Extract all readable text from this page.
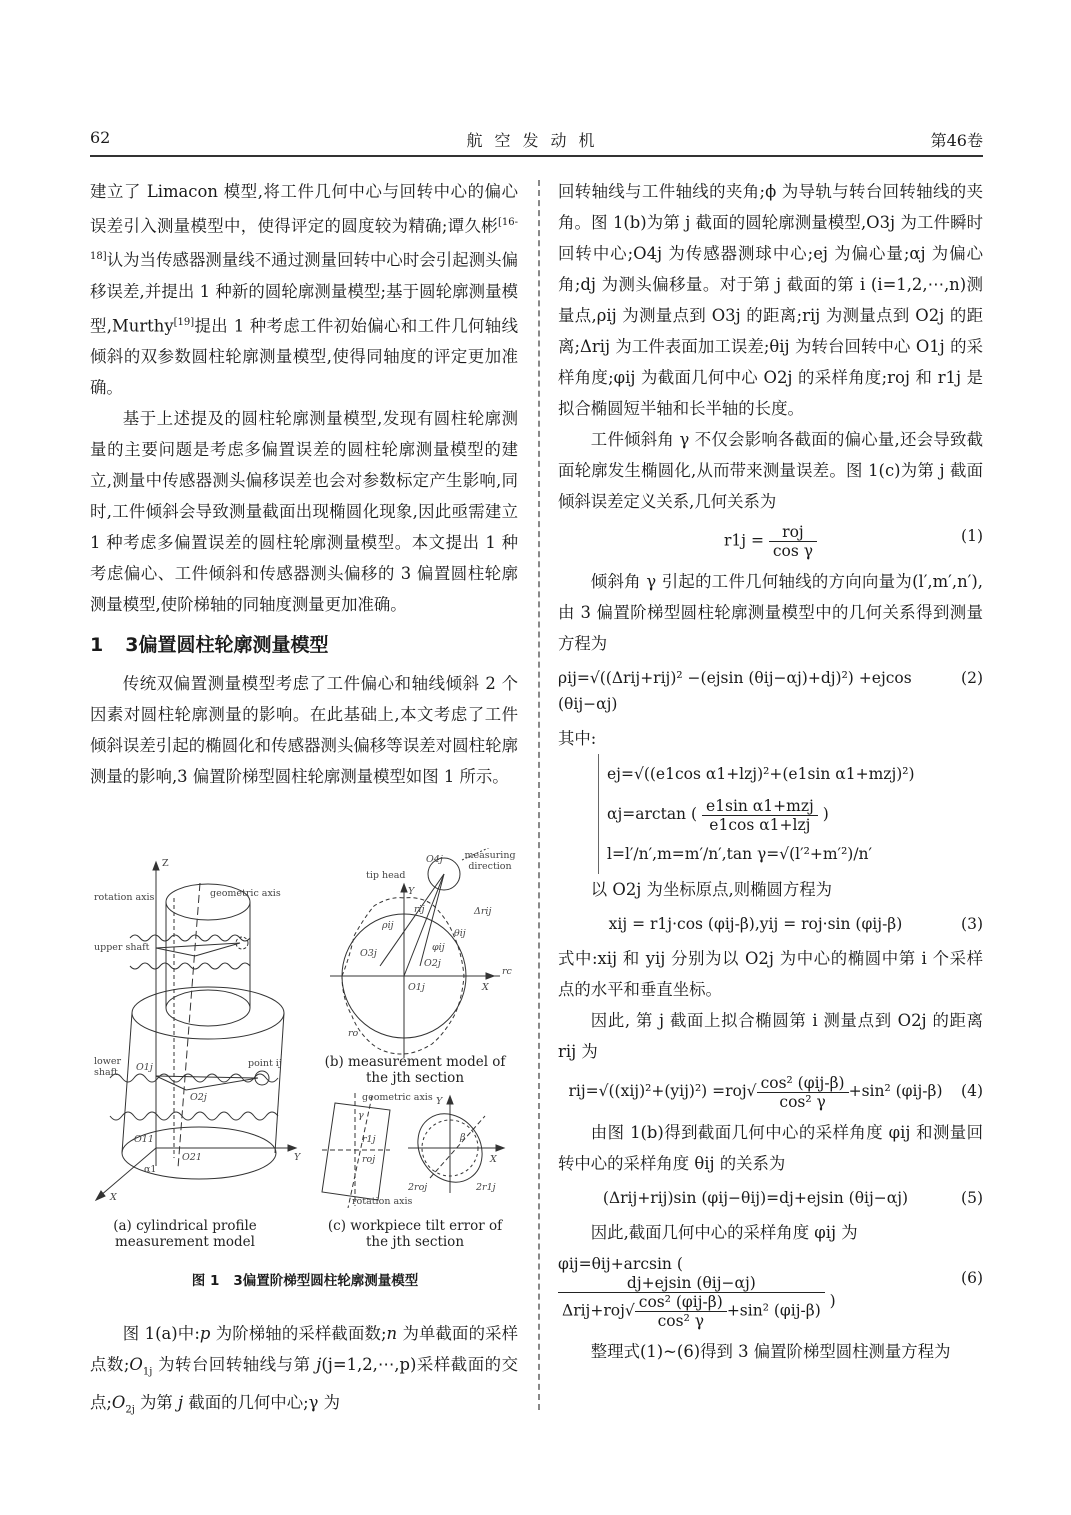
62	航空发动机	第46卷

建立了 Limacon 模型,将工件几何中心与回转中心的偏心误差引入测量模型中，使得评定的圆度较为精确;谭久彬[16-18]认为当传感器测量线不通过测量回转中心时会引起测头偏移误差,并提出 1 种新的圆轮廓测量模型;基于圆轮廓测量模型,Murthy[19]提出 1 种考虑工件初始偏心和工件几何轴线倾斜的双参数圆柱轮廓测量模型,使得同轴度的评定更加准确。

基于上述提及的圆柱轮廓测量模型,发现有圆柱轮廓测量的主要问题是考虑多偏置误差的圆柱轮廓测量模型的建立,测量中传感器测头偏移误差也会对参数标定产生影响,同时,工件倾斜会导致测量截面出现椭圆化现象,因此亟需建立 1 种考虑多偏置误差的圆柱轮廓测量模型。本文提出 1 种考虑偏心、工件倾斜和传感器测头偏移的 3 偏置圆柱轮廓测量模型,使阶梯轴的同轴度测量更加准确。

1 3偏置圆柱轮廓测量模型

传统双偏置测量模型考虑了工件偏心和轴线倾斜 2 个因素对圆柱轮廓测量的影响。在此基础上,本文考虑了工件倾斜误差引起的椭圆化和传感器测头偏移等误差对圆柱轮廓测量的影响,3 偏置阶梯型圆柱轮廓测量模型如图 1 所示。

Z
rotation axis	geometric axis
upper shaft
lower shaft
point ij
O1j
O2j
O11
O21
α1
Y
X
tip head
measuring direction
O4j
O3j
O2j
O1j
Y
X
Δrij
ρij
rij
φij
θij
rc
ro
geometric axis
rotation axis
γ
r1j
roj
β
Y
X
2roj	2r1j
(a) cylindrical profile measurement model
(b) measurement model of the jth section
(c) workpiece tilt error of the jth section
图 1 3偏置阶梯型圆柱轮廓测量模型

图 1(a)中:p 为阶梯轴的采样截面数;n 为单截面的采样点数$;O_{1j}$ 为转台回转轴线与第 j(j=1,2,⋯,p)采样截面的交点$;O_{2j}$ 为第 j 截面的几何中心;γ 为

回转轴线与工件轴线的夹角;ϕ 为导轨与转台回转轴线的夹角。图 1(b)为第 j 截面的圆轮廓测量模型,O3j 为工件瞬时回转中心;O4j 为传感器测球中心;ej 为偏心量;αj 为偏心角;dj 为测头偏移量。对于第 j 截面的第 i (i=1,2,⋯,n)测量点,ρij 为测量点到 O3j 的距离;rij 为测量点到 O2j 的距离;Δrij 为工件表面加工误差;θij 为转台回转中心 O1j 的采样角度;φij 为截面几何中心 O2j 的采样角度;roj 和 r1j 是拟合椭圆短半轴和长半轴的长度。

工件倾斜角 γ 不仅会影响各截面的偏心量,还会导致截面轮廓发生椭圆化,从而带来测量误差。图 1(c)为第 j 截面倾斜误差定义关系,几何关系为

$r1j = \frac{\text{roj}}{\text{cos γ}}$	(1)

倾斜角 γ 引起的工件几何轴线的方向向量为(l′,m′,n′),由 3 偏置阶梯型圆柱轮廓测量模型中的几何关系得到测量方程为

ρij=√((Δrij+rij)² −(ejsin (θij−αj)+dj)²) +ejcos (θij−αj)
(2)

其中:

ej=√((e1cos α1+lzj)²+(e1sin α1+mzj)²)
αj=arctan ( $\frac{\text{e1sin α1+mzj}}{\text{e1cos α1+lzj}}$ )
l=l′/n′,m=m′/n′,tan γ=√(l′²+m′²)/n′

以 O2j 为坐标原点,则椭圆方程为

xij = r1j·cos (φij-β),yij = roj·sin (φij-β)	(3)

式中:xij 和 yij 分别为以 O2j 为中心的椭圆中第 i 个采样点的水平和垂直坐标。

因此, 第 j 截面上拟合椭圆第 i 测量点到 O2j 的距离 rij 为

$rij=√((xij)^2+(yij)^2) =roj√ \frac{\text{cos² (φij-β)}}{\text{cos² γ}} +\sin^2$ (φij-β) (4)

由图 1(b)得到截面几何中心的采样角度 φij 和测量回转中心的采样角度 θij 的关系为

(Δrij+rij)sin (φij−θij)=dj+ejsin (θij−αj)	(5)

因此,截面几何中心的采样角度 φij 为

φij=θij+arcsin (
$\frac{\text{dj+ejsin (θij−αj)}}{\Delta rij+roj√ \frac{\text{cos² (φij-β)}}{\text{cos² γ}} +\sin^2 (\varphi ij-\beta)}$ )
(6)

整理式(1)~(6)得到 3 偏置阶梯型圆柱测量方程为
